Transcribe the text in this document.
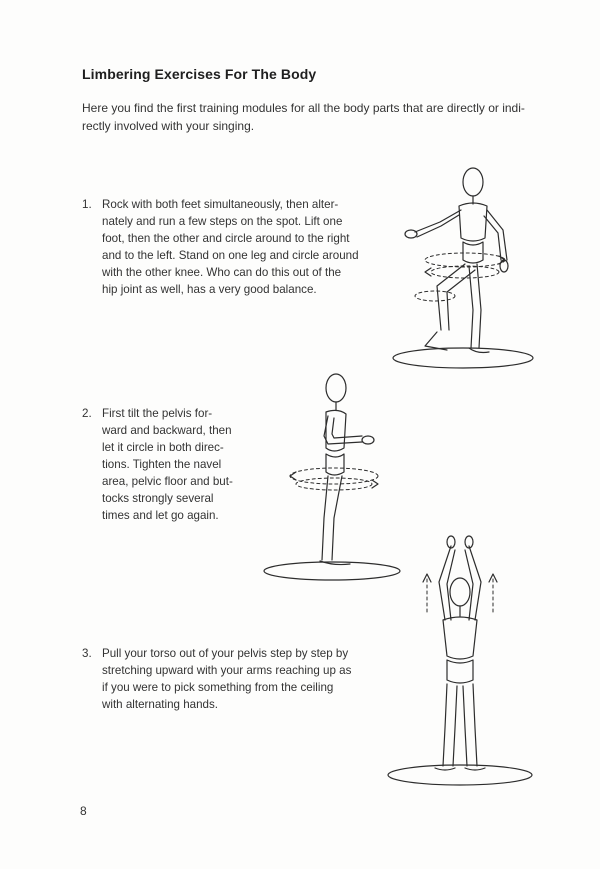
Limbering Exercises For The Body
Here you find the first training modules for all the body parts that are directly or indi-
rectly involved with your singing.
1. Rock with both feet simultaneously, then alter-
nately and run a few steps on the spot. Lift one
foot, then the other and circle around to the right
and to the left. Stand on one leg and circle around
with the other knee. Who can do this out of the
hip joint as well, has a very good balance.
2. First tilt the pelvis for-
ward and backward, then
let it circle in both direc-
tions. Tighten the navel
area, pelvic floor and but-
tocks strongly several
times and let go again.
3. Pull your torso out of your pelvis step by step by
stretching upward with your arms reaching up as
if you were to pick something from the ceiling
with alternating hands.
8
